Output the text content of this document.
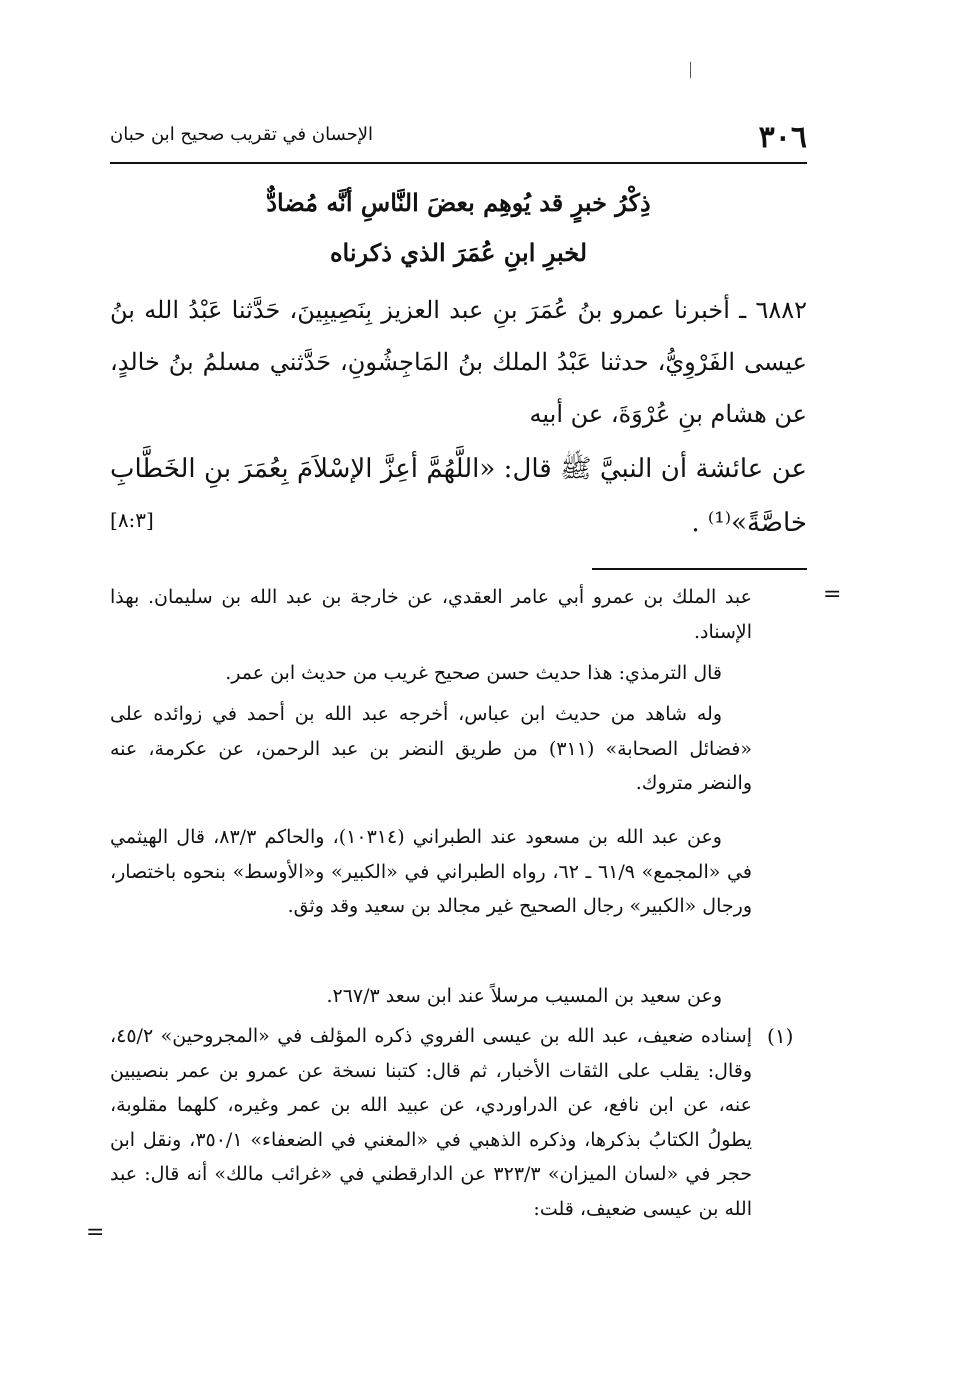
٣٠٦
الإحسان في تقريب صحيح ابن حبان
ذِكْرُ خبرٍ قد يُوهِم بعضَ النَّاسِ أنَّه مُضادٌّ
لخبرِ ابنِ عُمَرَ الذي ذكرناه
٦٨٨٢ ـ أخبرنا عمرو بنُ عُمَرَ بنِ عبد العزيز بِنَصِيبِينَ، حَدَّثنا عَبْدُ الله بنُ عيسى الفَرْوِيُّ، حدثنا عَبْدُ الملك بنُ المَاجِشُونِ، حَدَّثني مسلمُ بنُ خالدٍ، عن هشام بنِ عُرْوَةَ، عن أبيه
عن عائشة أن النبيَّ ﷺ قال: «اللَّهُمَّ أعِزَّ الإسْلاَمَ بِعُمَرَ بنِ الخَطَّابِ خاصَّةً»⁽¹⁾ .
[٨:٣]
=
عبد الملك بن عمرو أبي عامر العقدي، عن خارجة بن عبد الله بن سليمان. بهذا الإسناد.
قال الترمذي: هذا حديث حسن صحيح غريب من حديث ابن عمر.
وله شاهد من حديث ابن عباس، أخرجه عبد الله بن أحمد في زوائده على «فضائل الصحابة» (٣١١) من طريق النضر بن عبد الرحمن، عن عكرمة، عنه والنضر متروك.
وعن عبد الله بن مسعود عند الطبراني (١٠٣١٤)، والحاكم ٨٣/٣، قال الهيثمي في «المجمع» ٦١/٩ ـ ٦٢، رواه الطبراني في «الكبير» و«الأوسط» بنحوه باختصار، ورجال «الكبير» رجال الصحيح غير مجالد بن سعيد وقد وثق.
وعن سعيد بن المسيب مرسلاً عند ابن سعد ٢٦٧/٣.
(١)
إسناده ضعيف، عبد الله بن عيسى الفروي ذكره المؤلف في «المجروحين» ٤٥/٢، وقال: يقلب على الثقات الأخبار، ثم قال: كتبنا نسخة عن عمرو بن عمر بنصيبين عنه، عن ابن نافع، عن الدراوردي، عن عبيد الله بن عمر وغيره، كلهما مقلوبة، يطولُ الكتابُ بذكرها، وذكره الذهبي في «المغني في الضعفاء» ٣٥٠/١، ونقل ابن حجر في «لسان الميزان» ٣٢٣/٣ عن الدارقطني في «غرائب مالك» أنه قال: عبد الله بن عيسى ضعيف، قلت:
=
